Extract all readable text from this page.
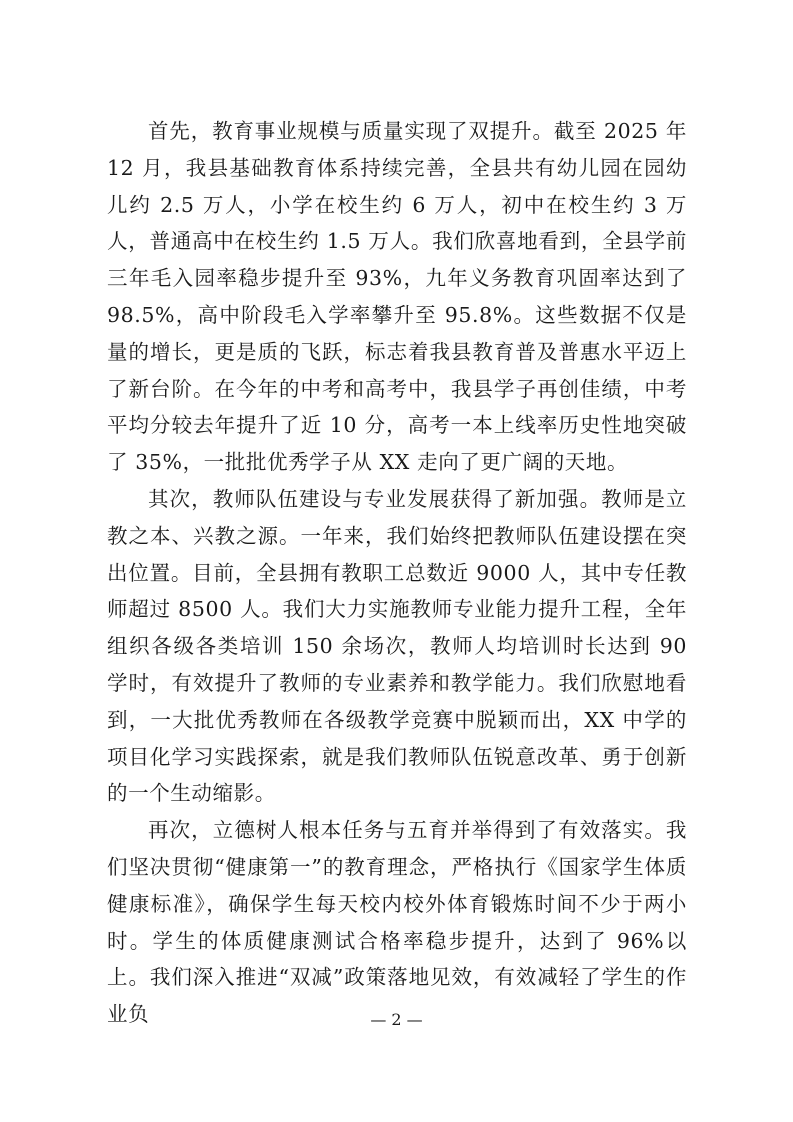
首先，教育事业规模与质量实现了双提升。截至 2025 年 12 月，我县基础教育体系持续完善，全县共有幼儿园在园幼儿约 2.5 万人，小学在校生约 6 万人，初中在校生约 3 万人，普通高中在校生约 1.5 万人。我们欣喜地看到，全县学前三年毛入园率稳步提升至 93%，九年义务教育巩固率达到了 98.5%，高中阶段毛入学率攀升至 95.8%。这些数据不仅是量的增长，更是质的飞跃，标志着我县教育普及普惠水平迈上了新台阶。在今年的中考和高考中，我县学子再创佳绩，中考平均分较去年提升了近 10 分，高考一本上线率历史性地突破了 35%，一批批优秀学子从 XX 走向了更广阔的天地。

其次，教师队伍建设与专业发展获得了新加强。教师是立教之本、兴教之源。一年来，我们始终把教师队伍建设摆在突出位置。目前，全县拥有教职工总数近 9000 人，其中专任教师超过 8500 人。我们大力实施教师专业能力提升工程，全年组织各级各类培训 150 余场次，教师人均培训时长达到 90 学时，有效提升了教师的专业素养和教学能力。我们欣慰地看到，一大批优秀教师在各级教学竞赛中脱颖而出，XX 中学的项目化学习实践探索，就是我们教师队伍锐意改革、勇于创新的一个生动缩影。

再次，立德树人根本任务与五育并举得到了有效落实。我们坚决贯彻“健康第一”的教育理念，严格执行《国家学生体质健康标准》，确保学生每天校内校外体育锻炼时间不少于两小时。学生的体质健康测试合格率稳步提升，达到了 96%以上。我们深入推进“双减”政策落地见效，有效减轻了学生的作业负	— 2 —
